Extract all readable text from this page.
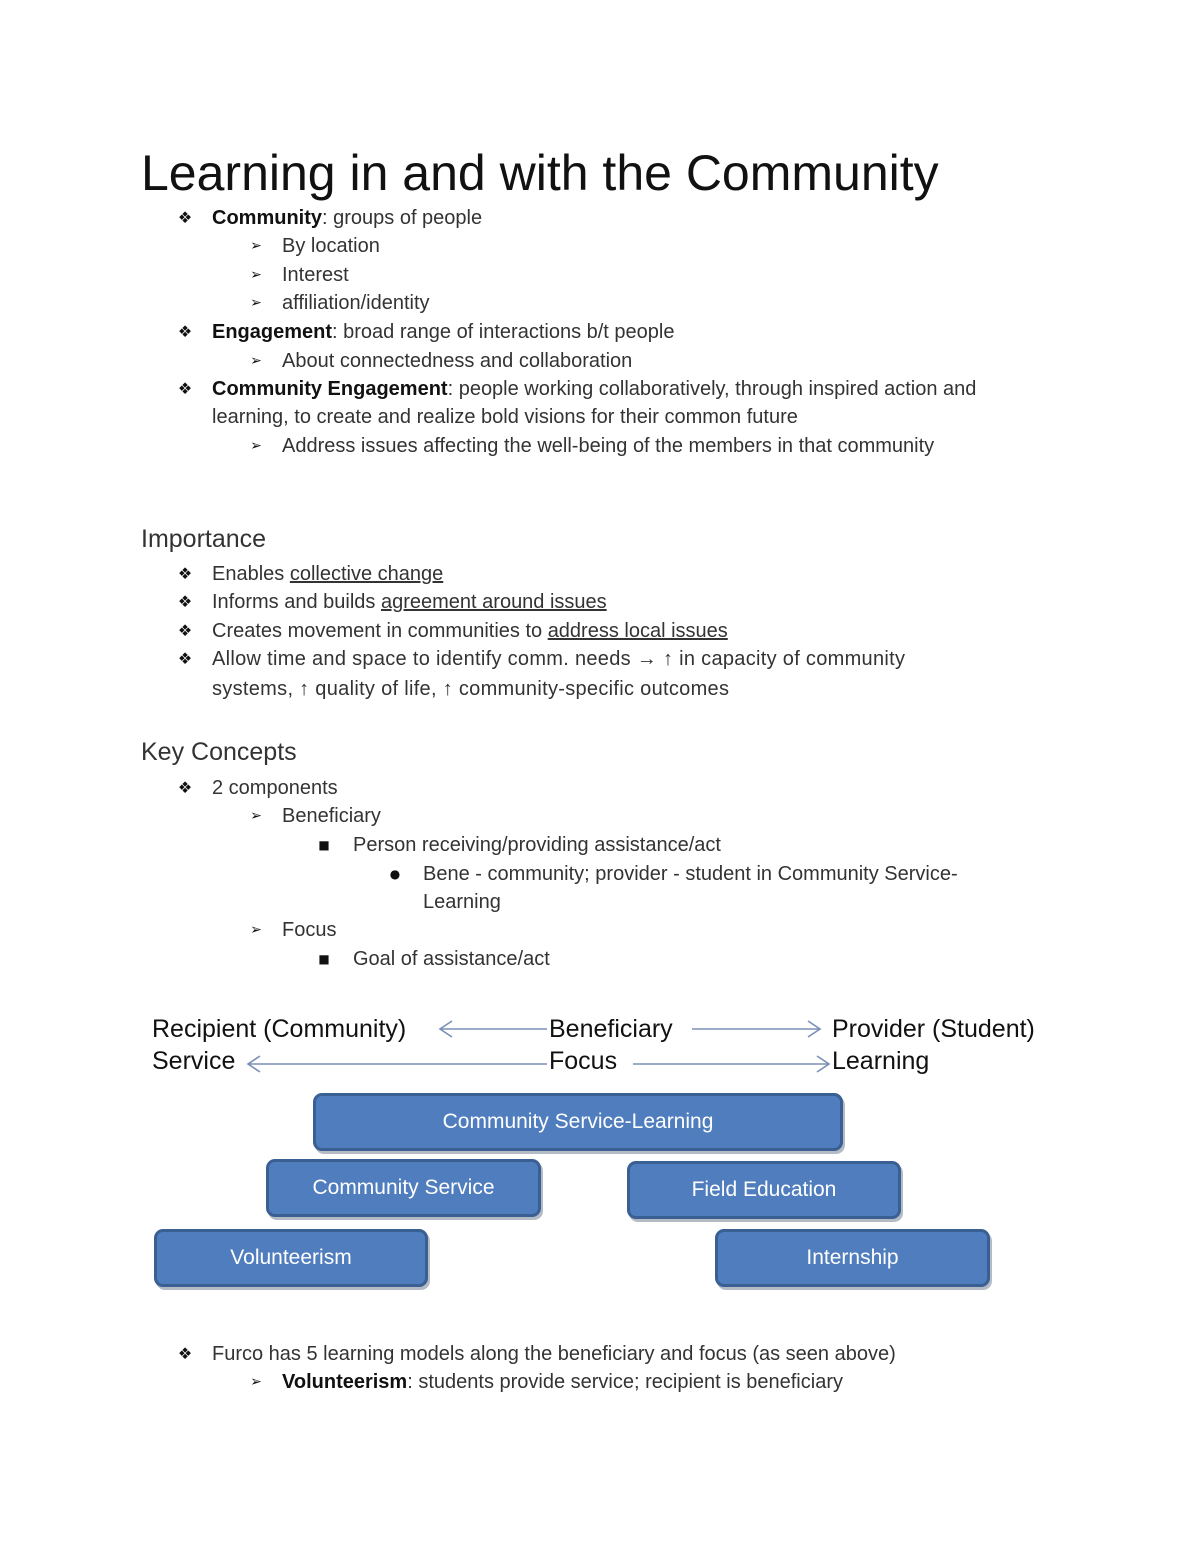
Learning in and with the Community
❖ Community: groups of people

➢ By location

➢ Interest

➢ affiliation/identity

❖ Engagement: broad range of interactions b/t people

➢ About connectedness and collaboration

❖ Community Engagement: people working collaboratively, through inspired action and

learning, to create and realize bold visions for their common future

➢ Address issues affecting the well-being of the members in that community

Importance
❖ Enables collective change

❖ Informs and builds agreement around issues

❖ Creates movement in communities to address local issues

❖ Allow time and space to identify comm. needs → ↑ in capacity of community

systems, ↑ quality of life, ↑ community-specific outcomes

Key Concepts
❖ 2 components

➢ Beneficiary

■ Person receiving/providing assistance/act

● Bene - community; provider - student in Community Service-

Learning

➢ Focus

■ Goal of assistance/act

Recipient (Community)	Beneficiary	Provider (Student)

Service	Focus	Learning

Community Service-Learning
Community Service	Field Education
Volunteerism	Internship
❖ Furco has 5 learning models along the beneficiary and focus (as seen above)

➢ Volunteerism: students provide service; recipient is beneficiary
